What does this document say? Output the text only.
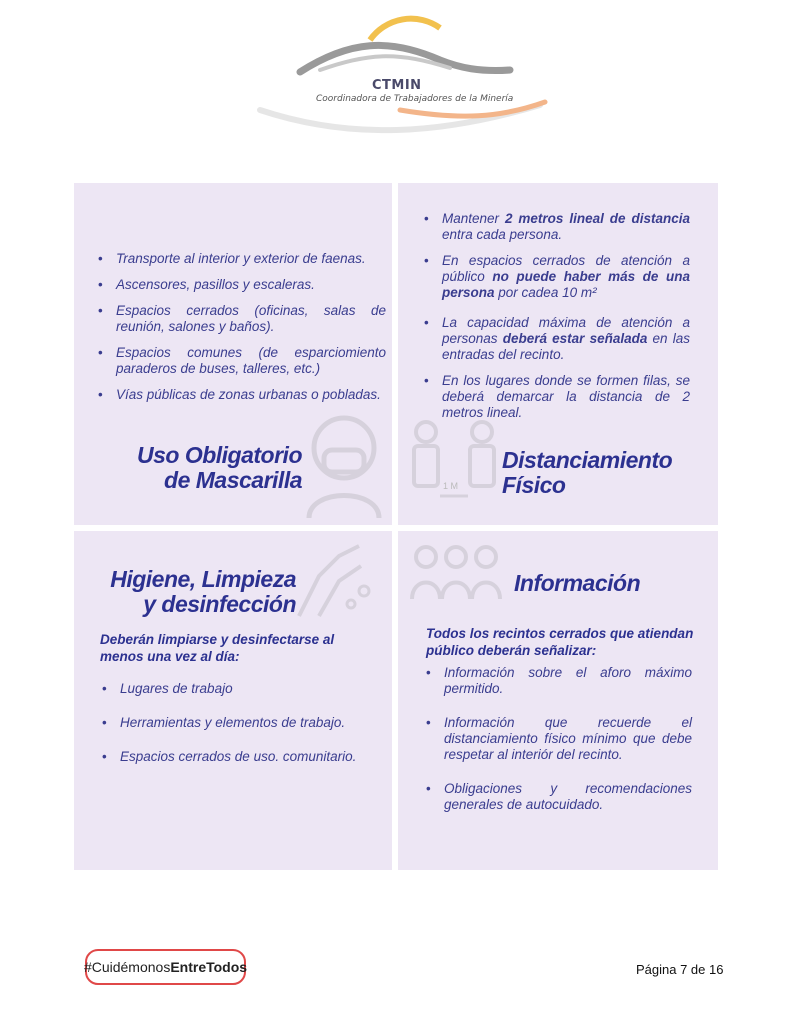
CTMIN
Coordinadora de Trabajadores de la Minería
• Transporte al interior y exterior de faenas.
• Ascensores, pasillos y escaleras.
• Espacios cerrados (oficinas, salas de reunión, salones y baños).
• Espacios comunes (de esparciomiento paraderos de buses, talleres, etc.)
• Vías públicas de zonas urbanas o pobladas.
Uso Obligatorio
de Mascarilla	1 M
• Mantener 2 metros lineal de distancia entra cada persona.
• En espacios cerrados de atención a público no puede haber más de una persona por cadea 10 m²
• La capacidad máxima de atención a personas deberá estar señalada en las entradas del recinto.
• En los lugares donde se formen filas, se deberá demarcar la distancia de 2 metros lineal.
Distanciamiento
Físico
Higiene, Limpieza
y desinfección
Deberán limpiarse y desinfectarse al menos una vez al día:
• Lugares de trabajo
• Herramientas y elementos de trabajo.
• Espacios cerrados de uso. comunitario.
Información
Todos los recintos cerrados que atiendan público deberán señalizar:
• Información sobre el aforo máximo permitido.
• Información que recuerde el distanciamiento físico mínimo que debe respetar al interiór del recinto.
• Obligaciones y recomendaciones generales de autocuidado.
#Cuidémonos EntreTodos	Página 7 de 16
